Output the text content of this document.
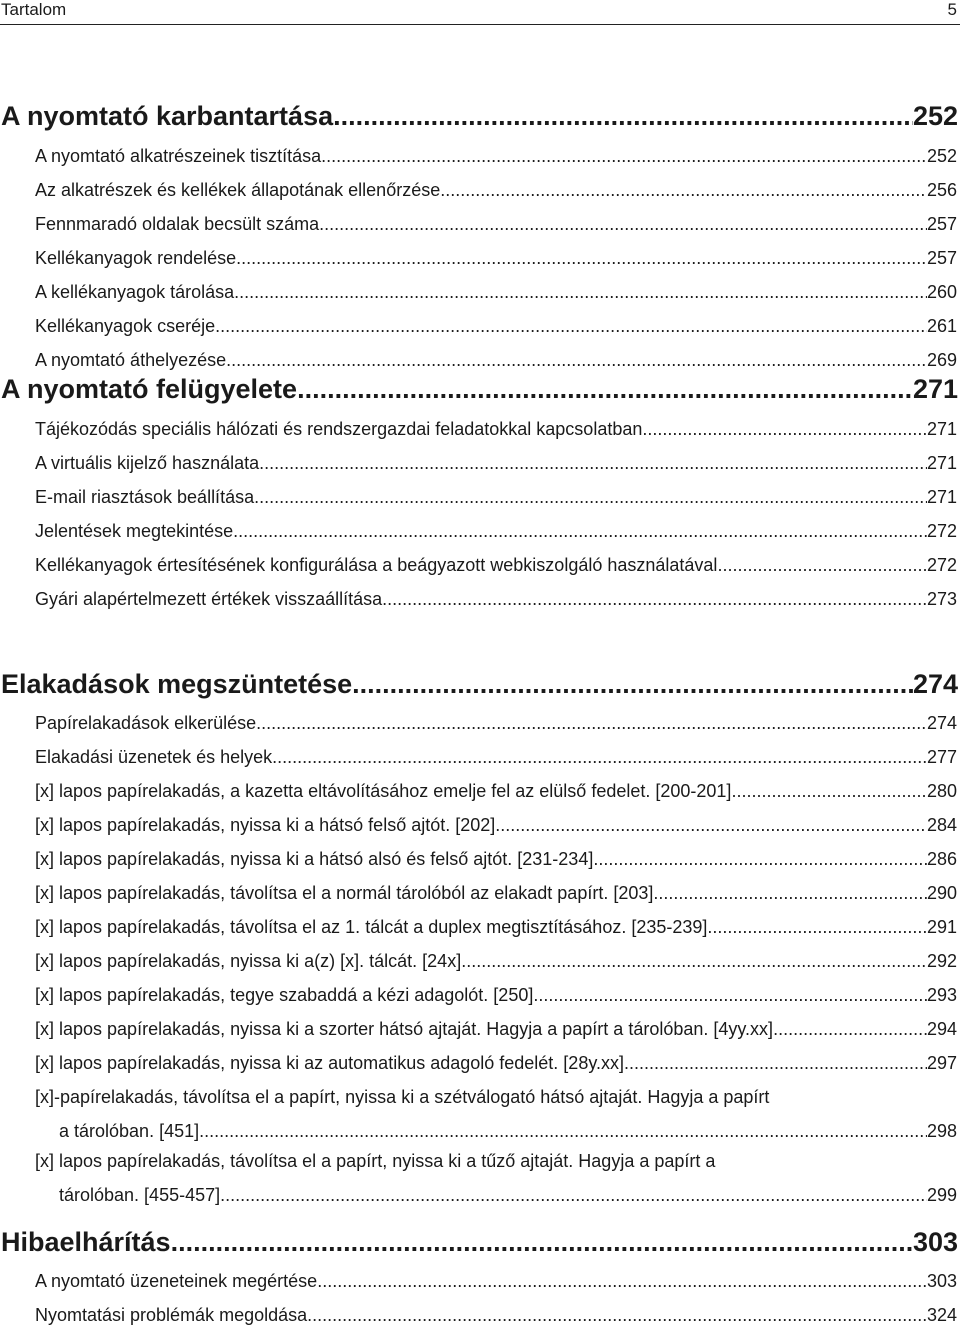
Tartalom	5
A nyomtató karbantartása .....	252
A nyomtató alkatrészeinek tisztítása .....	252
Az alkatrészek és kellékek állapotának ellenőrzése .....	256
Fennmaradó oldalak becsült száma .....	257
Kellékanyagok rendelése .....	257
A kellékanyagok tárolása .....	260
Kellékanyagok cseréje .....	261
A nyomtató áthelyezése .....	269
A nyomtató felügyelete .....	271
Tájékozódás speciális hálózati és rendszergazdai feladatokkal kapcsolatban .....	271
A virtuális kijelző használata .....	271
E-mail riasztások beállítása .....	271
Jelentések megtekintése .....	272
Kellékanyagok értesítésének konfigurálása a beágyazott webkiszolgáló használatával .....	272
Gyári alapértelmezett értékek visszaállítása .....	273
Elakadások megszüntetése .....	274
Papírelakadások elkerülése .....	274
Elakadási üzenetek és helyek .....	277
[x] lapos papírelakadás, a kazetta eltávolításához emelje fel az elülső fedelet. [200-201] .....	280
[x] lapos papírelakadás, nyissa ki a hátsó felső ajtót. [202] .....	284
[x] lapos papírelakadás, nyissa ki a hátsó alsó és felső ajtót. [231-234] .....	286
[x] lapos papírelakadás, távolítsa el a normál tárolóból az elakadt papírt. [203] .....	290
[x] lapos papírelakadás, távolítsa el az 1. tálcát a duplex megtisztításához. [235-239] .....	291
[x] lapos papírelakadás, nyissa ki a(z) [x]. tálcát. [24x] .....	292
[x] lapos papírelakadás, tegye szabaddá a kézi adagolót. [250] .....	293
[x] lapos papírelakadás, nyissa ki a szorter hátsó ajtaját. Hagyja a papírt a tárolóban. [4yy.xx] .....	294
[x] lapos papírelakadás, nyissa ki az automatikus adagoló fedelét. [28y.xx] .....	297
[x]-papírelakadás, távolítsa el a papírt, nyissa ki a szétválogató hátsó ajtaját. Hagyja a papírt
a tárolóban. [451] .....	298
[x] lapos papírelakadás, távolítsa el a papírt, nyissa ki a tűző ajtaját. Hagyja a papírt a
tárolóban. [455-457] .....	299
Hibaelhárítás .....	303
A nyomtató üzeneteinek megértése .....	303
Nyomtatási problémák megoldása .....	324
